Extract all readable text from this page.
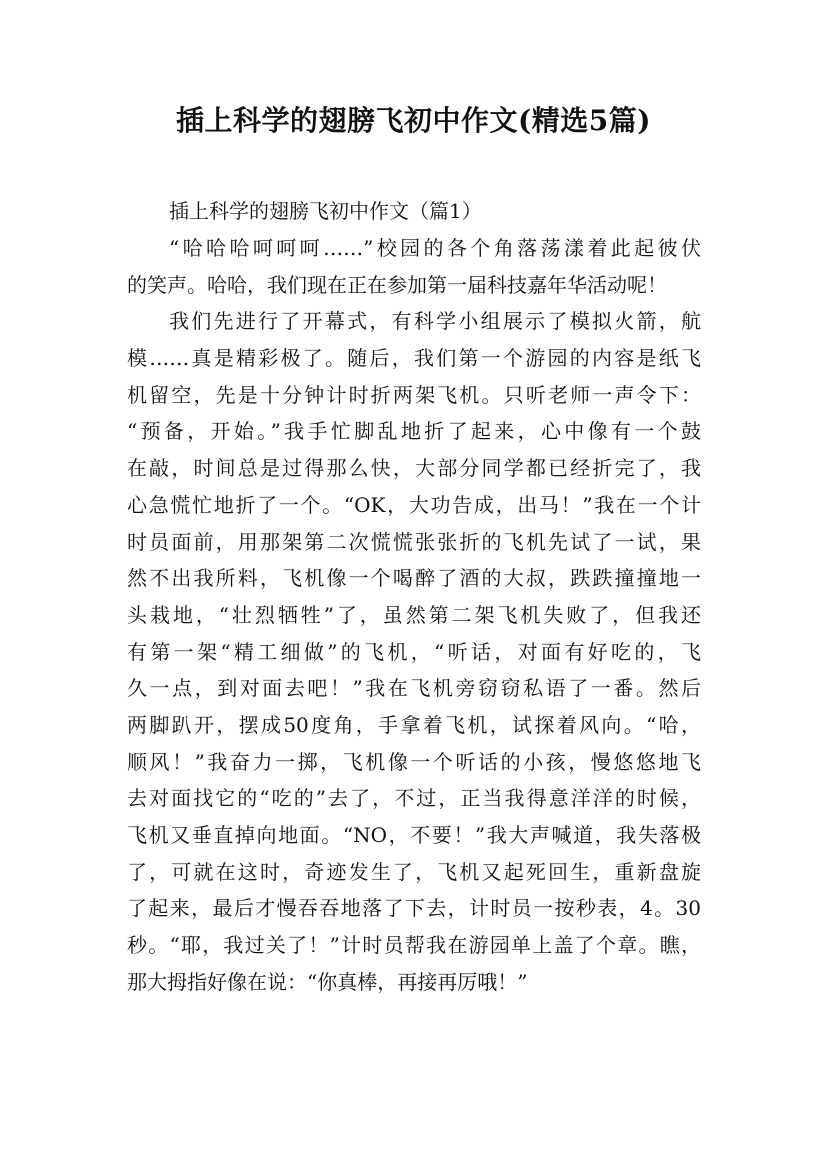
插上科学的翅膀飞初中作文(精选5篇)
插上科学的翅膀飞初中作文（篇1）
“哈哈哈呵呵呵……”校园的各个角落荡漾着此起彼伏
的笑声。哈哈，我们现在正在参加第一届科技嘉年华活动呢！
我们先进行了开幕式，有科学小组展示了模拟火箭，航
模……真是精彩极了。随后，我们第一个游园的内容是纸飞
机留空，先是十分钟计时折两架飞机。只听老师一声令下：
“预备，开始。”我手忙脚乱地折了起来，心中像有一个鼓
在敲，时间总是过得那么快，大部分同学都已经折完了，我
心急慌忙地折了一个。“OK，大功告成，出马！”我在一个计
时员面前，用那架第二次慌慌张张折的飞机先试了一试，果
然不出我所料，飞机像一个喝醉了酒的大叔，跌跌撞撞地一
头栽地，“壮烈牺牲”了，虽然第二架飞机失败了，但我还
有第一架“精工细做”的飞机，“听话，对面有好吃的，飞
久一点，到对面去吧！”我在飞机旁窃窃私语了一番。然后
两脚趴开，摆成50度角，手拿着飞机，试探着风向。“哈，
顺风！”我奋力一掷，飞机像一个听话的小孩，慢悠悠地飞
去对面找它的“吃的”去了，不过，正当我得意洋洋的时候，
飞机又垂直掉向地面。“NO，不要！”我大声喊道，我失落极
了，可就在这时，奇迹发生了，飞机又起死回生，重新盘旋
了起来，最后才慢吞吞地落了下去，计时员一按秒表，4。30
秒。“耶，我过关了！”计时员帮我在游园单上盖了个章。瞧，
那大拇指好像在说：“你真棒，再接再厉哦！”
